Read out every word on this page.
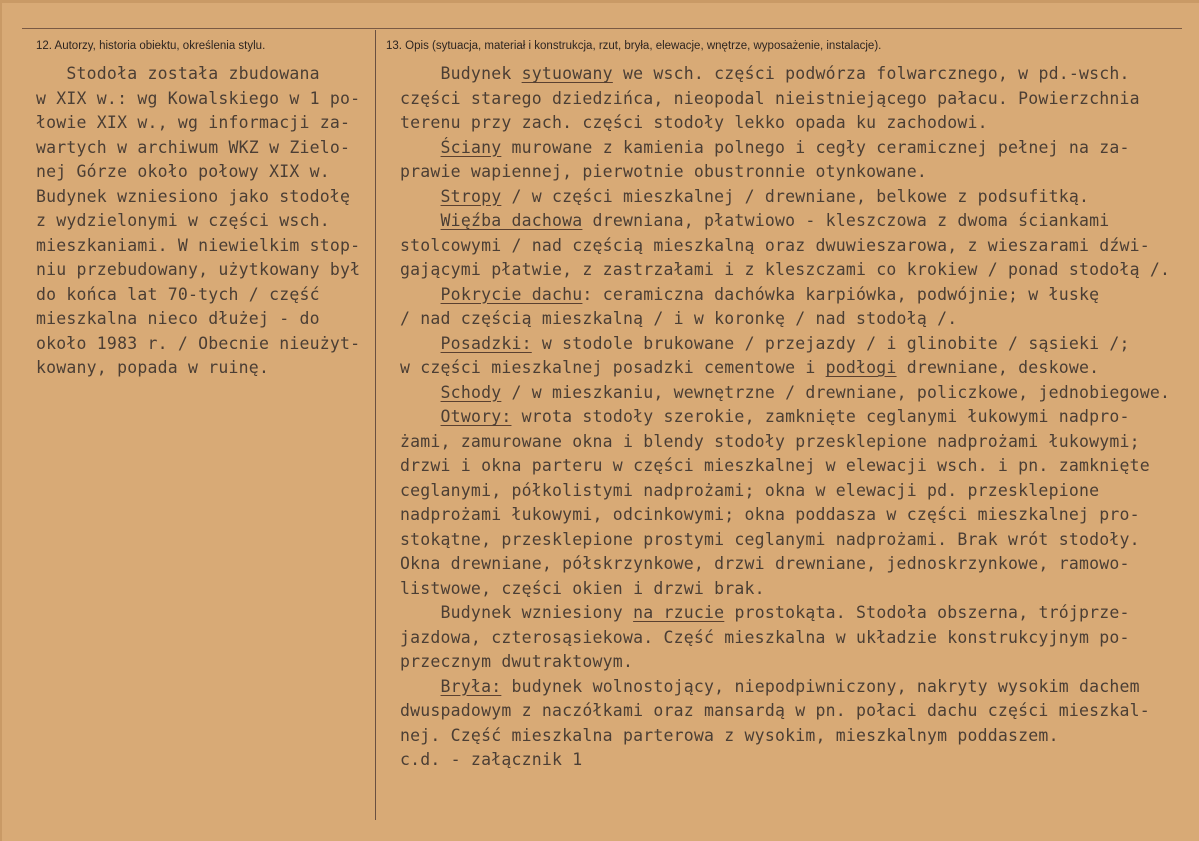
12. Autorzy, historia obiektu, określenia stylu.	13. Opis (sytuacja, materiał i konstrukcja, rzut, bryła, elewacje, wnętrze, wyposażenie, instalacje).
Stodoła została zbudowana
w XIX w.: wg Kowalskiego w 1 po-
łowie XIX w., wg informacji za-
wartych w archiwum WKZ w Zielo-
nej Górze około połowy XIX w.
Budynek wzniesiono jako stodołę
z wydzielonymi w części wsch.
mieszkaniami. W niewielkim stop-
niu przebudowany, użytkowany był
do końca lat 70-tych / część
mieszkalna nieco dłużej - do
około 1983 r. / Obecnie nieużyt-
kowany, popada w ruinę.
Budynek sytuowany we wsch. części podwórza folwarcznego, w pd.-wsch.
części starego dziedzińca, nieopodal nieistniejącego pałacu. Powierzchnia
terenu przy zach. części stodoły lekko opada ku zachodowi.
Ściany murowane z kamienia polnego i cegły ceramicznej pełnej na za-
prawie wapiennej, pierwotnie obustronnie otynkowane.
Stropy / w części mieszkalnej / drewniane, belkowe z podsufitką.
Więźba dachowa drewniana, płatwiowo - kleszczowa z dwoma ściankami
stolcowymi / nad częścią mieszkalną oraz dwuwieszarowa, z wieszarami dźwi-
gającymi płatwie, z zastrzałami i z kleszczami co krokiew / ponad stodołą /.
Pokrycie dachu: ceramiczna dachówka karpiówka, podwójnie; w łuskę
/ nad częścią mieszkalną / i w koronkę / nad stodołą /.
Posadzki: w stodole brukowane / przejazdy / i glinobite / sąsieki /;
w części mieszkalnej posadzki cementowe i podłogi drewniane, deskowe.
Schody / w mieszkaniu, wewnętrzne / drewniane, policzkowe, jednobiegowe.
Otwory: wrota stodoły szerokie, zamknięte ceglanymi łukowymi nadpro-
żami, zamurowane okna i blendy stodoły przesklepione nadprożami łukowymi;
drzwi i okna parteru w części mieszkalnej w elewacji wsch. i pn. zamknięte
ceglanymi, półkolistymi nadprożami; okna w elewacji pd. przesklepione
nadprożami łukowymi, odcinkowymi; okna poddasza w części mieszkalnej pro-
stokątne, przesklepione prostymi ceglanymi nadprożami. Brak wrót stodoły.
Okna drewniane, półskrzynkowe, drzwi drewniane, jednoskrzynkowe, ramowo-
listwowe, części okien i drzwi brak.
Budynek wzniesiony na rzucie prostokąta. Stodoła obszerna, trójprze-
jazdowa, czterosąsiekowa. Część mieszkalna w układzie konstrukcyjnym po-
przecznym dwutraktowym.
Bryła: budynek wolnostojący, niepodpiwniczony, nakryty wysokim dachem
dwuspadowym z naczółkami oraz mansardą w pn. połaci dachu części mieszkal-
nej. Część mieszkalna parterowa z wysokim, mieszkalnym poddaszem.
c.d. - załącznik 1
